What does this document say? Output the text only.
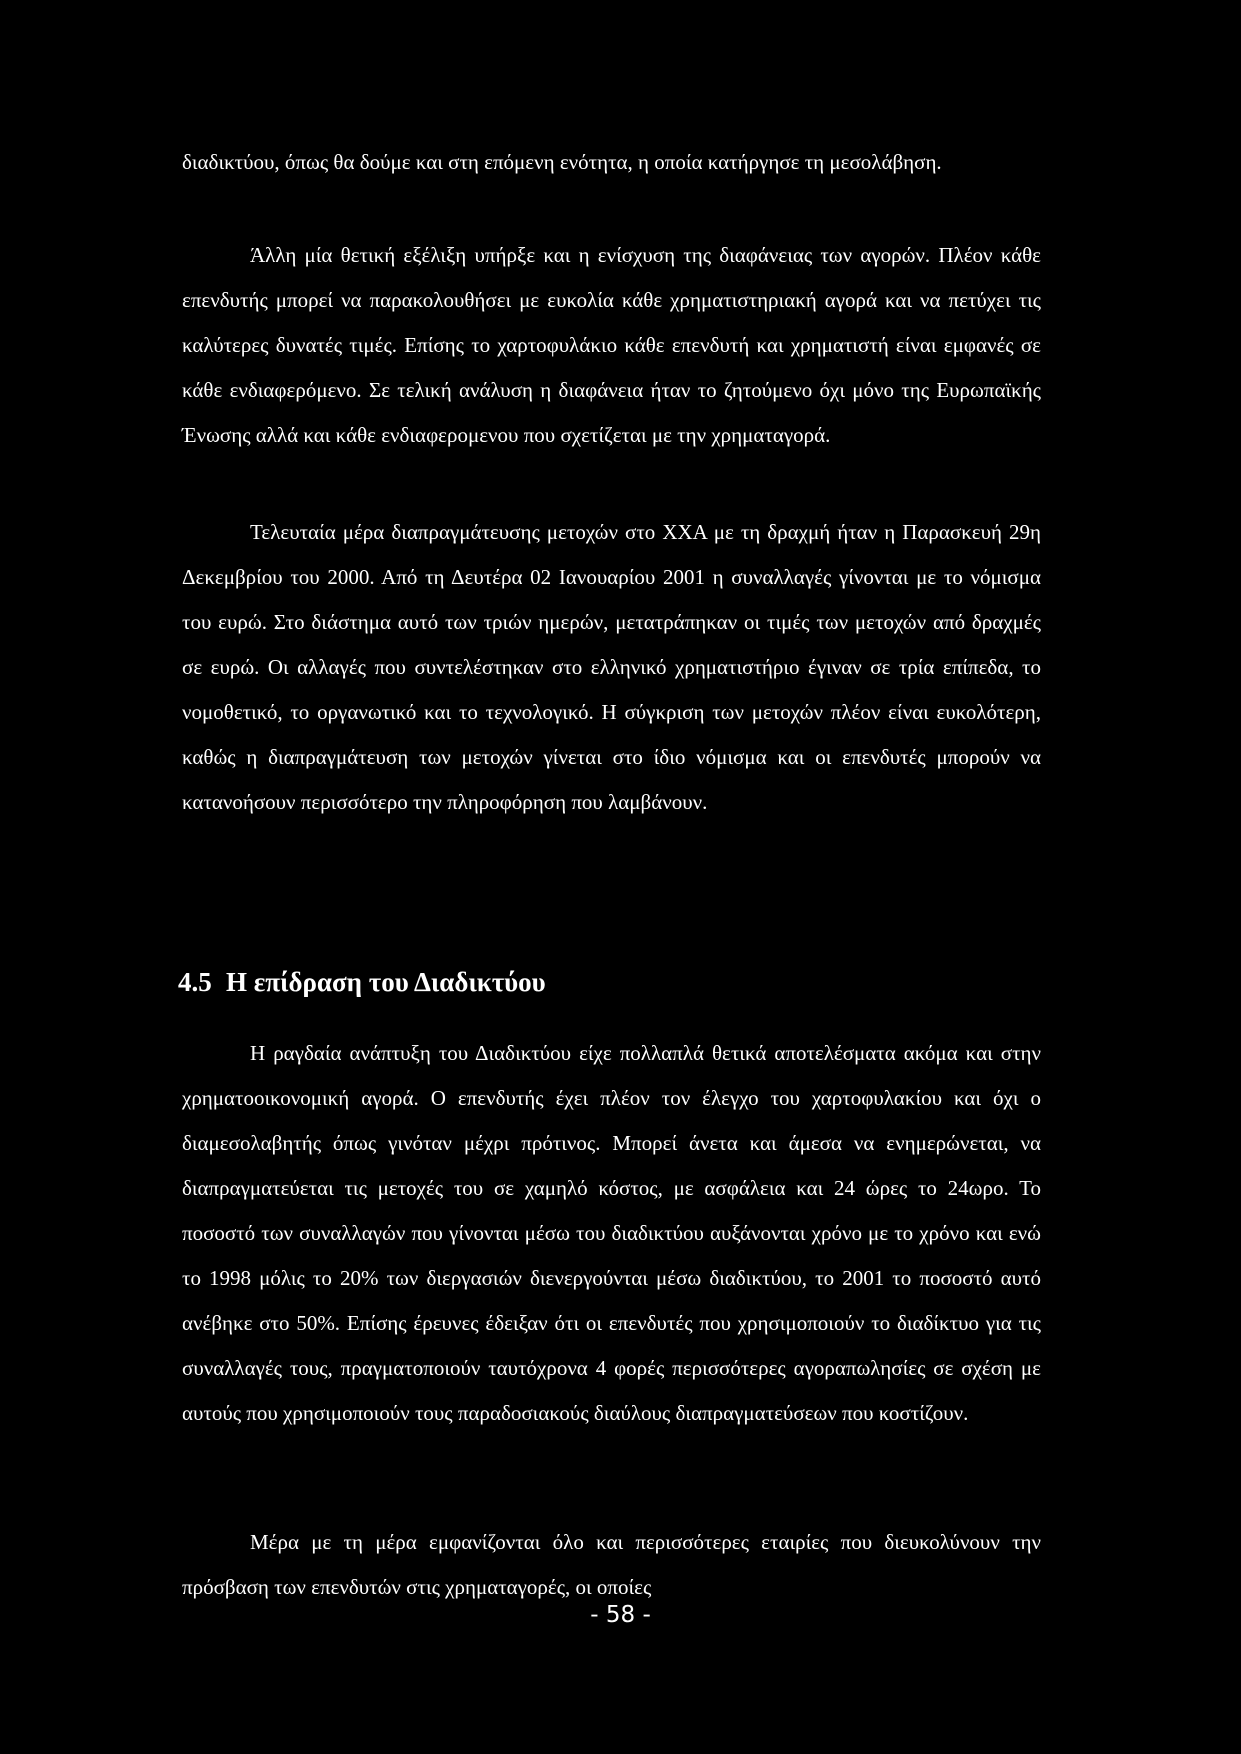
διαδικτύου, όπως θα δούμε και στη επόμενη ενότητα, η οποία κατήργησε τη μεσολάβηση.

Άλλη μία θετική εξέλιξη υπήρξε και η ενίσχυση της διαφάνειας των αγορών. Πλέον κάθε επενδυτής μπορεί να παρακολουθήσει με ευκολία κάθε χρηματιστηριακή αγορά και να πετύχει τις καλύτερες δυνατές τιμές. Επίσης το χαρτοφυλάκιο κάθε επενδυτή και χρηματιστή είναι εμφανές σε κάθε ενδιαφερόμενο. Σε τελική ανάλυση η διαφάνεια ήταν το ζητούμενο όχι μόνο της Ευρωπαϊκής Ένωσης αλλά και κάθε ενδιαφερομενου που σχετίζεται με την χρηματαγορά.

Τελευταία μέρα διαπραγμάτευσης μετοχών στο ΧΧΑ με τη δραχμή ήταν η Παρασκευή 29η Δεκεμβρίου του 2000. Από τη Δευτέρα 02 Ιανουαρίου 2001 η συναλλαγές γίνονται με το νόμισμα του ευρώ. Στο διάστημα αυτό των τριών ημερών, μετατράπηκαν οι τιμές των μετοχών από δραχμές σε ευρώ. Οι αλλαγές που συντελέστηκαν στο ελληνικό χρηματιστήριο έγιναν σε τρία επίπεδα, το νομοθετικό, το οργανωτικό και το τεχνολογικό. Η σύγκριση των μετοχών πλέον είναι ευκολότερη, καθώς η διαπραγμάτευση των μετοχών γίνεται στο ίδιο νόμισμα και οι επενδυτές μπορούν να κατανοήσουν περισσότερο την πληροφόρηση που λαμβάνουν.

4.5 Η επίδραση του Διαδικτύου

Η ραγδαία ανάπτυξη του Διαδικτύου είχε πολλαπλά θετικά αποτελέσματα ακόμα και στην χρηματοοικονομική αγορά. Ο επενδυτής έχει πλέον τον έλεγχο του χαρτοφυλακίου και όχι ο διαμεσολαβητής όπως γινόταν μέχρι πρότινος. Μπορεί άνετα και άμεσα να ενημερώνεται, να διαπραγματεύεται τις μετοχές του σε χαμηλό κόστος, με ασφάλεια και 24 ώρες το 24ωρο. Το ποσοστό των συναλλαγών που γίνονται μέσω του διαδικτύου αυξάνονται χρόνο με το χρόνο και ενώ το 1998 μόλις το 20% των διεργασιών διενεργούνται μέσω διαδικτύου, το 2001 το ποσοστό αυτό ανέβηκε στο 50%. Επίσης έρευνες έδειξαν ότι οι επενδυτές που χρησιμοποιούν το διαδίκτυο για τις συναλλαγές τους, πραγματοποιούν ταυτόχρονα 4 φορές περισσότερες αγοραπωλησίες σε σχέση με αυτούς που χρησιμοποιούν τους παραδοσιακούς διαύλους διαπραγματεύσεων που κοστίζουν.

Μέρα με τη μέρα εμφανίζονται όλο και περισσότερες εταιρίες που διευκολύνουν την πρόσβαση των επενδυτών στις χρηματαγορές, οι οποίες

- 58 -
